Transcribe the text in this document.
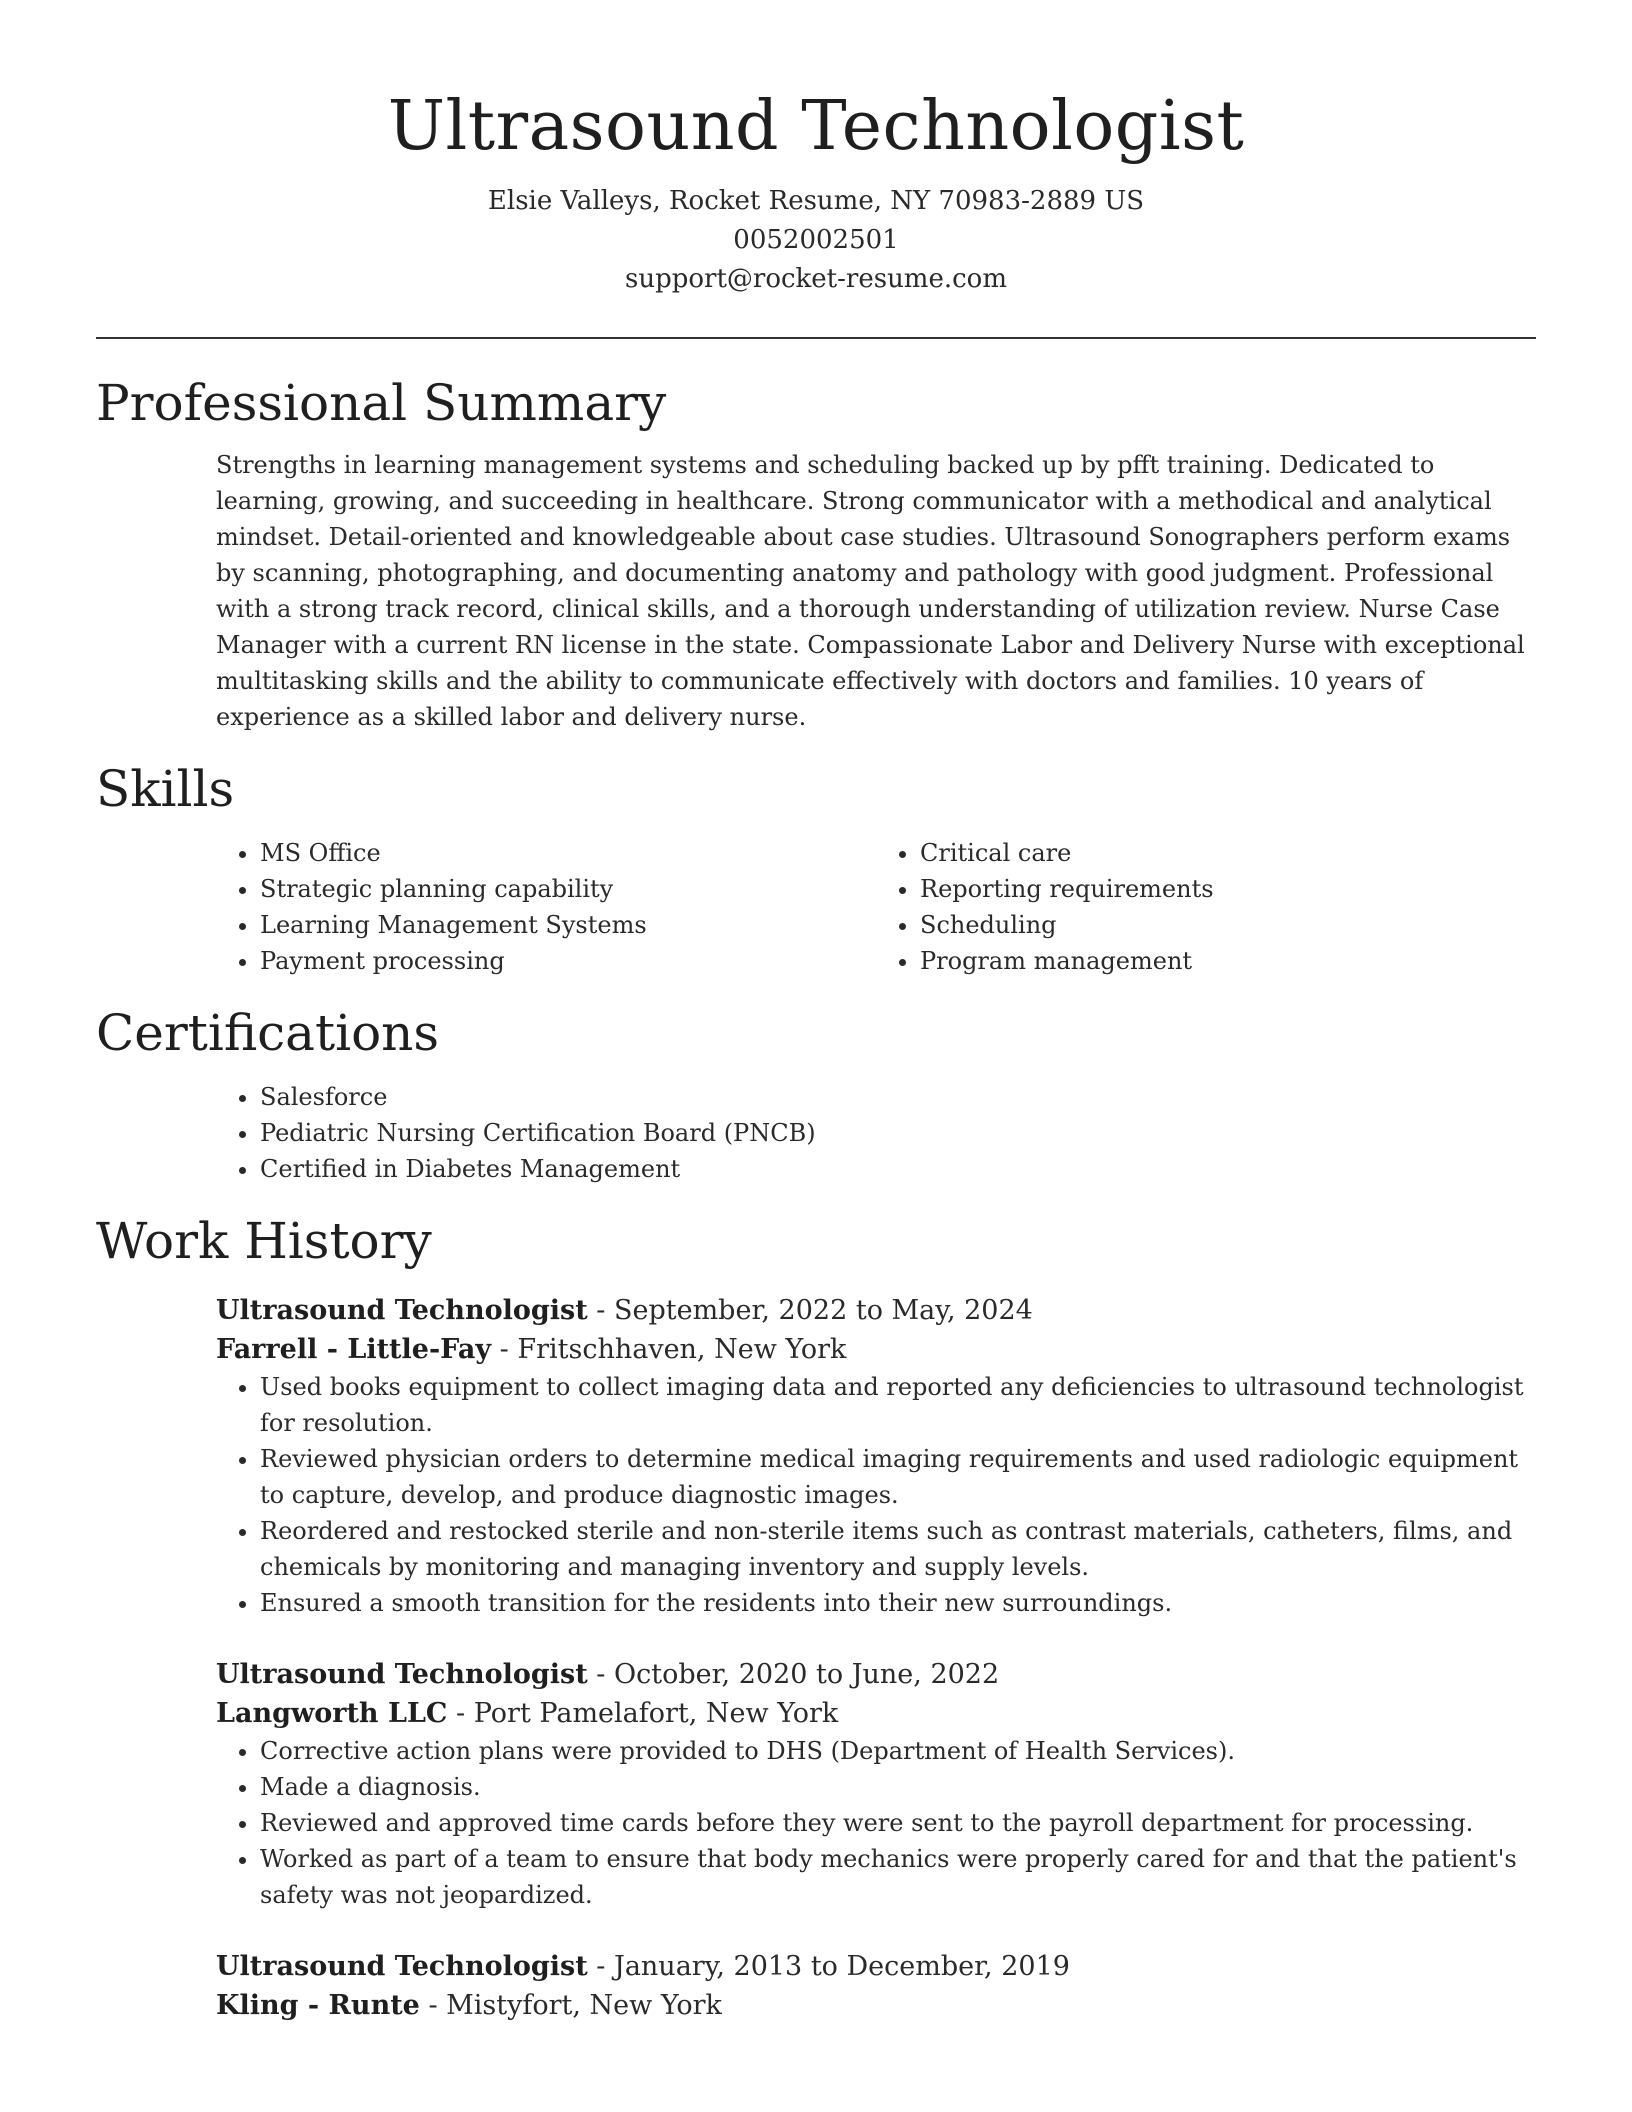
Ultrasound Technologist
Elsie Valleys, Rocket Resume, NY 70983-2889 US
0052002501
support@rocket-resume.com
Professional Summary

Strengths in learning management systems and scheduling backed up by pfft training. Dedicated to learning, growing, and succeeding in healthcare. Strong communicator with a methodical and analytical mindset. Detail-oriented and knowledgeable about case studies. Ultrasound Sonographers perform exams by scanning, photographing, and documenting anatomy and pathology with good judgment. Professional with a strong track record, clinical skills, and a thorough understanding of utilization review. Nurse Case Manager with a current RN license in the state. Compassionate Labor and Delivery Nurse with exceptional multitasking skills and the ability to communicate effectively with doctors and families. 10 years of experience as a skilled labor and delivery nurse.

Skills
• MS Office
• Strategic planning capability
• Learning Management Systems
• Payment processing
• Critical care
• Reporting requirements
• Scheduling
• Program management
Certifications
• Salesforce
• Pediatric Nursing Certification Board (PNCB)
• Certified in Diabetes Management
Work History
Ultrasound Technologist - September, 2022 to May, 2024
Farrell - Little-Fay - Fritschhaven, New York
• Used books equipment to collect imaging data and reported any deficiencies to ultrasound technologist for resolution.
• Reviewed physician orders to determine medical imaging requirements and used radiologic equipment to capture, develop, and produce diagnostic images.
• Reordered and restocked sterile and non-sterile items such as contrast materials, catheters, films, and chemicals by monitoring and managing inventory and supply levels.
• Ensured a smooth transition for the residents into their new surroundings.
Ultrasound Technologist - October, 2020 to June, 2022
Langworth LLC - Port Pamelafort, New York
• Corrective action plans were provided to DHS (Department of Health Services).
• Made a diagnosis.
• Reviewed and approved time cards before they were sent to the payroll department for processing.
• Worked as part of a team to ensure that body mechanics were properly cared for and that the patient's safety was not jeopardized.
Ultrasound Technologist - January, 2013 to December, 2019
Kling - Runte - Mistyfort, New York
